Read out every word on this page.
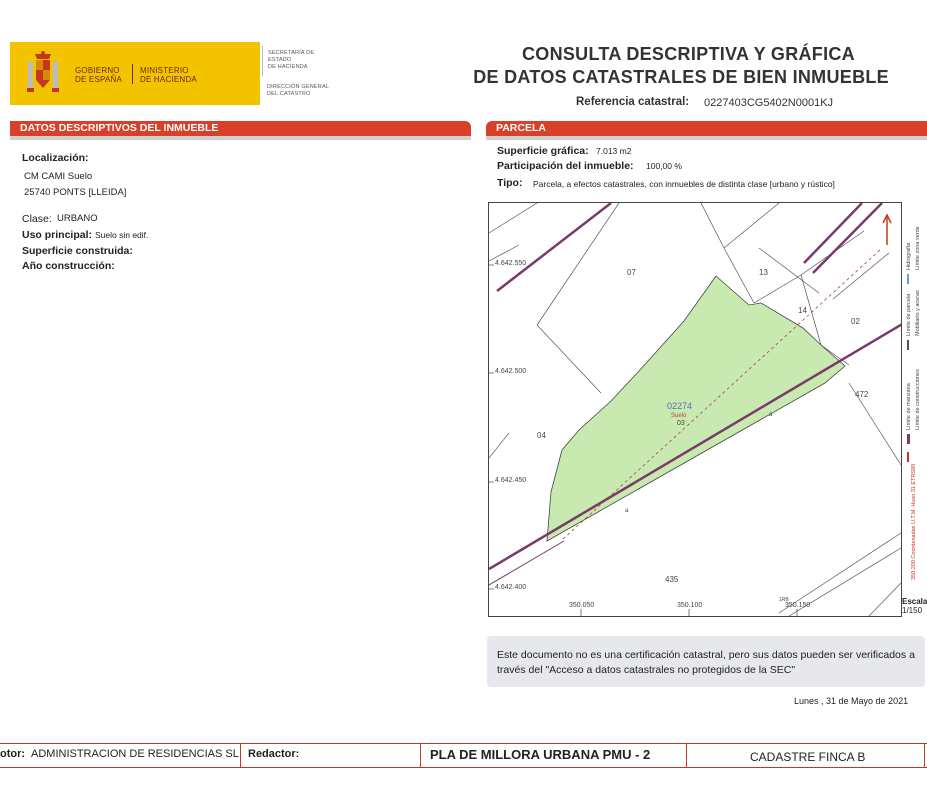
GOBIERNO
DE ESPAÑA
MINISTERIO
DE HACIENDA
SECRETARÍA DE ESTADO
DE HACIENDA
DIRECCIÓN GENERAL
DEL CATASTRO
CONSULTA DESCRIPTIVA Y GRÁFICA
DE DATOS CATASTRALES DE BIEN INMUEBLE
Referencia catastral: 0227403CG5402N0001KJ
DATOS DESCRIPTIVOS DEL INMUEBLE	PARCELA
Localización:
CM CAMI Suelo
25740 PONTS [LLEIDA]
Clase: URBANO
Uso principal: Suelo sin edif.
Superficie construida:
Año construcción:
Superficie gráfica: 7.013 m2
Participación del inmueble: 100,00 %
Tipo: Parcela, a efectos catastrales, con inmuebles de distinta clase [urbano y rústico]
4.642.550
4.642.500
4.642.450
4.642.400
350.050	350.100	350.150
07	13
14
02
472
04
435
02274
Suelo
03
a
a
1RB
Hidrografía Límite zona verde
Límite de parcela Mobiliario y aceras
Límite de manzana Límite de construcciones
350,200 Coordenadas U.T.M. Huso 31 ETRS89
Escala
1/150
Este documento no es una certificación catastral, pero sus datos pueden ser verificados a
través del "Acceso a datos catastrales no protegidos de la SEC"
Lunes , 31 de Mayo de 2021
otor: ADMINISTRACION DE RESIDENCIAS SL Redactor:	PLA DE MILLORA URBANA PMU - 2	CADASTRE FINCA B
